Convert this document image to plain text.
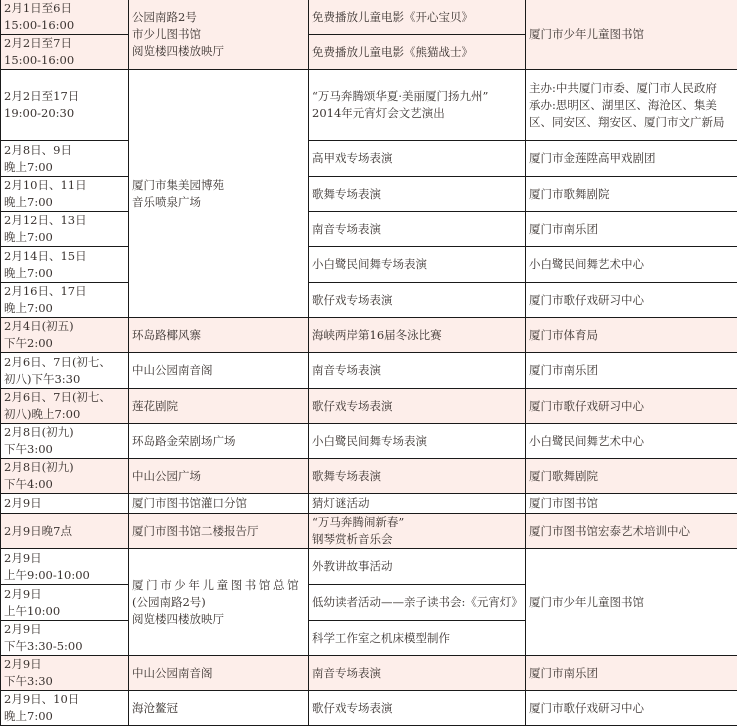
2月1日至6日
15:00-16:00	公园南路2号
市少儿图书馆
阅览楼四楼放映厅	免费播放儿童电影《开心宝贝》	厦门市少年儿童图书馆

2月2日至7日
15:00-16:00		免费播放儿童电影《熊猫战士》	

2月2日至17日
19:00-20:30	厦门市集美园博苑
音乐喷泉广场	“万马奔腾颂华夏·美丽厦门扬九州”
2014年元宵灯会文艺演出	主办:中共厦门市委、厦门市人民政府
承办:思明区、湖里区、海沧区、集美区、同安区、翔安区、厦门市文广新局

2月8日、9日
晚上7:00		高甲戏专场表演	厦门市金莲陞高甲戏剧团

2月10日、11日
晚上7:00		歌舞专场表演	厦门市歌舞剧院

2月12日、13日
晚上7:00		南音专场表演	厦门市南乐团

2月14日、15日
晚上7:00		小白鹭民间舞专场表演	小白鹭民间舞艺术中心

2月16日、17日
晚上7:00		歌仔戏专场表演	厦门市歌仔戏研习中心

2月4日(初五)
下午2:00	环岛路椰风寨	海峡两岸第16届冬泳比赛	厦门市体育局

2月6日、7日(初七、
初八)下午3:30	中山公园南音阁	南音专场表演	厦门市南乐团

2月6日、7日(初七、
初八)晚上7:00	莲花剧院	歌仔戏专场表演	厦门市歌仔戏研习中心

2月8日(初九)
下午3:00	环岛路金荣剧场广场	小白鹭民间舞专场表演	小白鹭民间舞艺术中心

2月8日(初九)
下午4:00	中山公园广场	歌舞专场表演	厦门歌舞剧院

2月9日	厦门市图书馆灌口分馆	猜灯谜活动	厦门市图书馆

2月9日晚7点	厦门市图书馆二楼报告厅	“万马奔腾闹新春”
钢琴赏析音乐会	厦门市图书馆宏泰艺术培训中心

2月9日
上午9:00-10:00	厦门市少年儿童图书馆总馆
(公园南路2号)
阅览楼四楼放映厅	外教讲故事活动	厦门市少年儿童图书馆

2月9日
上午10:00		低幼读者活动——亲子读书会:《元宵灯》	

2月9日
下午3:30-5:00		科学工作室之机床模型制作	

2月9日
下午3:30	中山公园南音阁	南音专场表演	厦门市南乐团

2月9日、10日
晚上7:00	海沧鳌冠	歌仔戏专场表演	厦门市歌仔戏研习中心
